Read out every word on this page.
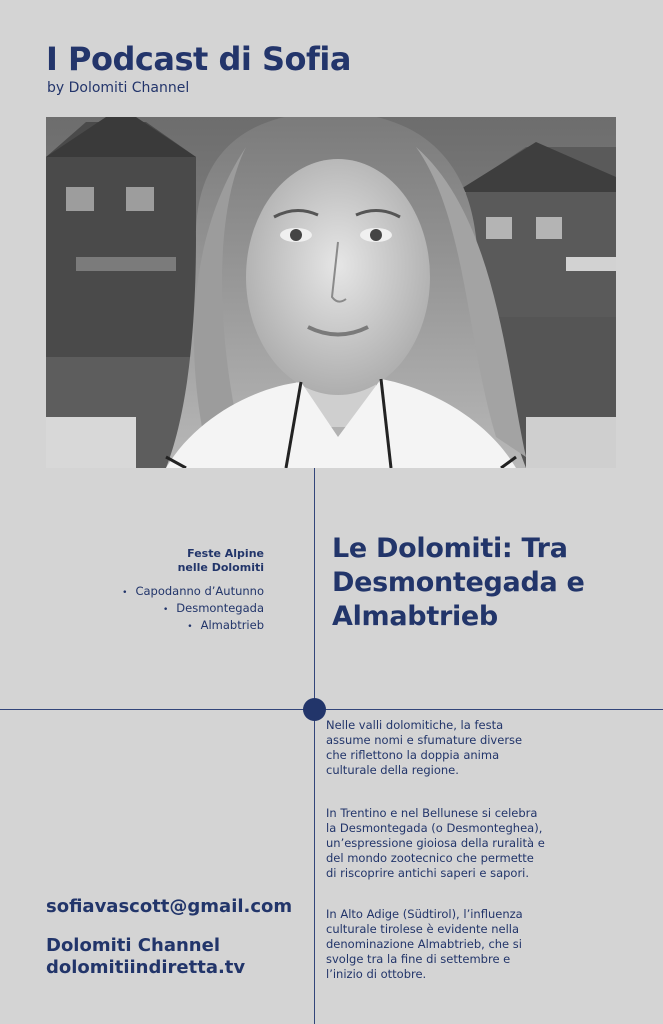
I Podcast di Sofia

by Dolomiti Channel

Feste Alpine
nelle Dolomiti

• Capodanno d’Autunno
• Desmontegada
• Almabtrieb
Le Dolomiti: Tra Desmontegada e Almabtrieb

Nelle valli dolomitiche, la festa assume nomi e sfumature diverse che riflettono la doppia anima culturale della regione.

In Trentino e nel Bellunese si celebra la Desmontegada (o Desmonteghea), un’espressione gioiosa della ruralità e del mondo zootecnico che permette di riscoprire antichi saperi e sapori.

In Alto Adige (Südtirol), l’influenza culturale tirolese è evidente nella denominazione Almabtrieb, che si svolge tra la fine di settembre e l’inizio di ottobre.

sofiavascott@gmail.com

Dolomiti Channel
dolomitiindiretta.tv
